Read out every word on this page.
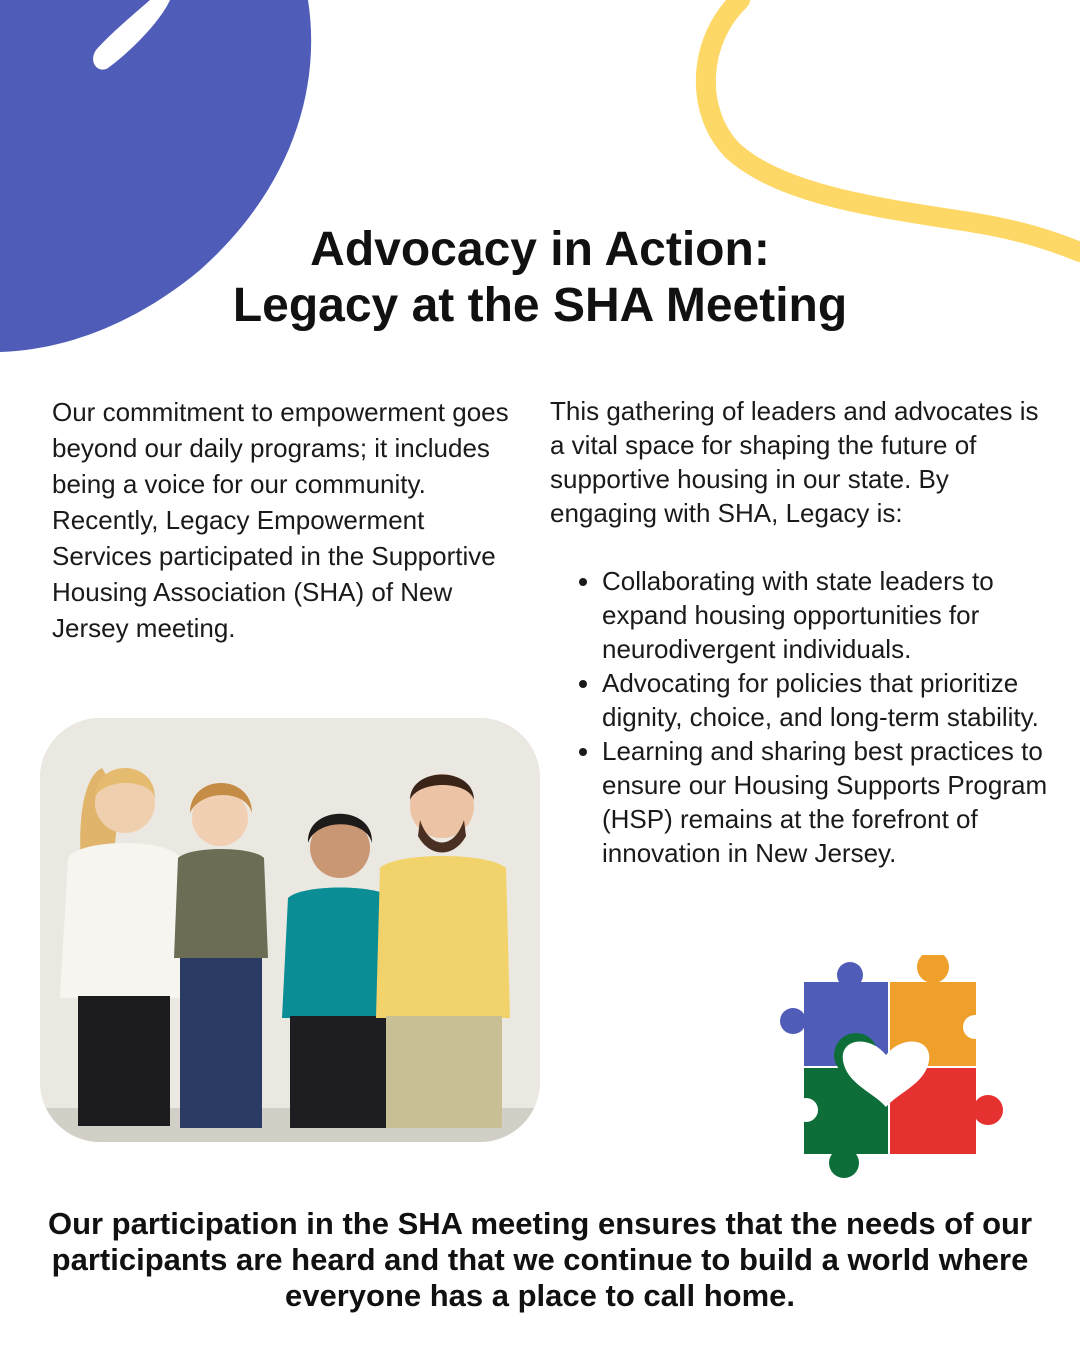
Advocacy in Action:
Legacy at the SHA Meeting
Our commitment to empowerment goes beyond our daily programs; it includes being a voice for our community. Recently, Legacy Empowerment Services participated in the Supportive Housing Association (SHA) of New Jersey meeting.
This gathering of leaders and advocates is a vital space for shaping the future of supportive housing in our state. By engaging with SHA, Legacy is:
• Collaborating with state leaders to expand housing opportunities for neurodivergent individuals.
• Advocating for policies that prioritize dignity, choice, and long-term stability.
• Learning and sharing best practices to ensure our Housing Supports Program (HSP) remains at the forefront of innovation in New Jersey.
Our participation in the SHA meeting ensures that the needs of our participants are heard and that we continue to build a world where everyone has a place to call home.
